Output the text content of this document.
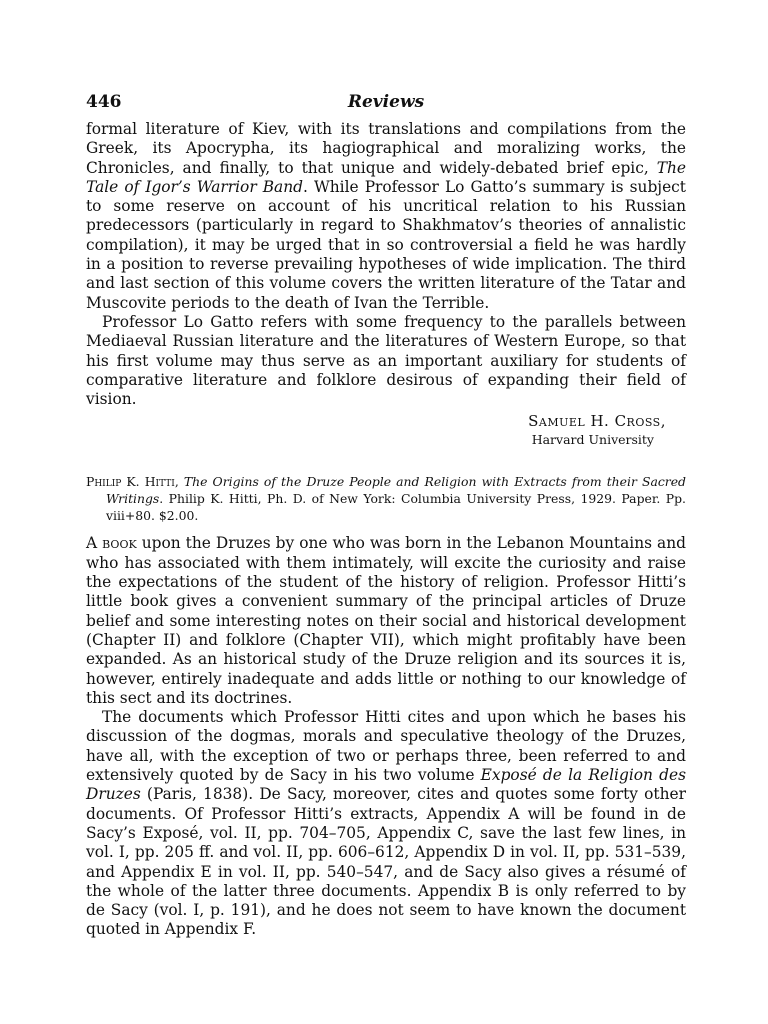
446	Reviews

formal literature of Kiev, with its translations and compilations from the Greek, its Apocrypha, its hagiographical and moralizing works, the Chronicles, and finally, to that unique and widely-debated brief epic, The Tale of Igor’s Warrior Band. While Professor Lo Gatto’s summary is subject to some reserve on account of his uncritical relation to his Russian predecessors (particularly in regard to Shakhmatov’s theories of annalistic compilation), it may be urged that in so controversial a field he was hardly in a position to reverse prevailing hypotheses of wide implication. The third and last section of this volume covers the written literature of the Tatar and Muscovite periods to the death of Ivan the Terrible.

Professor Lo Gatto refers with some frequency to the parallels between Mediaeval Russian literature and the literatures of Western Europe, so that his first volume may thus serve as an important auxiliary for students of comparative literature and folklore desirous of expanding their field of vision.

Samuel H. Cross,
Harvard University

Philip K. Hitti, The Origins of the Druze People and Religion with Extracts from their Sacred Writings. Philip K. Hitti, Ph. D. of New York: Columbia University Press, 1929. Paper. Pp. viii+80. $2.00.

A book upon the Druzes by one who was born in the Lebanon Mountains and who has associated with them intimately, will excite the curiosity and raise the expectations of the student of the history of religion. Professor Hitti’s little book gives a convenient summary of the principal articles of Druze belief and some interesting notes on their social and historical development (Chapter II) and folklore (Chapter VII), which might profitably have been expanded. As an historical study of the Druze religion and its sources it is, however, entirely inadequate and adds little or nothing to our knowledge of this sect and its doctrines.

The documents which Professor Hitti cites and upon which he bases his discussion of the dogmas, morals and speculative theology of the Druzes, have all, with the exception of two or perhaps three, been referred to and extensively quoted by de Sacy in his two volume Exposé de la Religion des Druzes (Paris, 1838). De Sacy, moreover, cites and quotes some forty other documents. Of Professor Hitti’s extracts, Appendix A will be found in de Sacy’s Exposé, vol. II, pp. 704–705, Appendix C, save the last few lines, in vol. I, pp. 205 ff. and vol. II, pp. 606–612, Appendix D in vol. II, pp. 531–539, and Appendix E in vol. II, pp. 540–547, and de Sacy also gives a résumé of the whole of the latter three documents. Appendix B is only referred to by de Sacy (vol. I, p. 191), and he does not seem to have known the document quoted in Appendix F.
